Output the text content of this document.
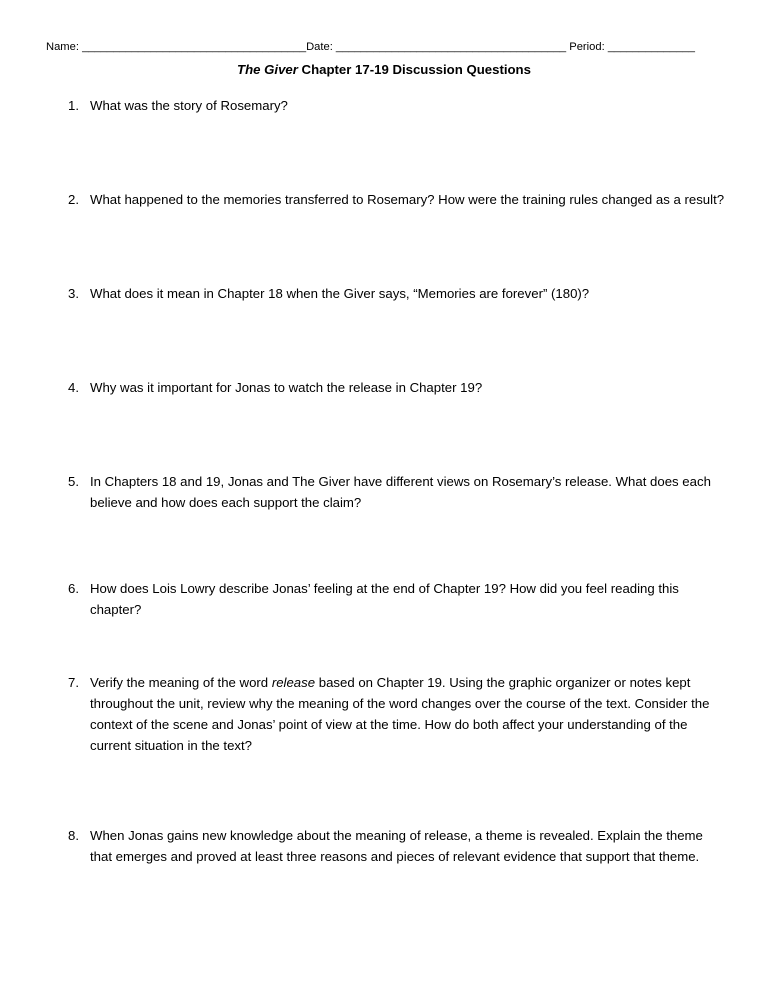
Name: ____________________________________Date: _____________________________________ Period: ______________
The Giver Chapter 17-19 Discussion Questions
1. What was the story of Rosemary?
2. What happened to the memories transferred to Rosemary? How were the training rules changed as a result?
3. What does it mean in Chapter 18 when the Giver says, “Memories are forever” (180)?
4. Why was it important for Jonas to watch the release in Chapter 19?
5. In Chapters 18 and 19, Jonas and The Giver have different views on Rosemary’s release. What does each believe and how does each support the claim?
6. How does Lois Lowry describe Jonas’ feeling at the end of Chapter 19? How did you feel reading this chapter?
7. Verify the meaning of the word release based on Chapter 19. Using the graphic organizer or notes kept throughout the unit, review why the meaning of the word changes over the course of the text. Consider the context of the scene and Jonas’ point of view at the time. How do both affect your understanding of the current situation in the text?
8. When Jonas gains new knowledge about the meaning of release, a theme is revealed. Explain the theme that emerges and proved at least three reasons and pieces of relevant evidence that support that theme.
